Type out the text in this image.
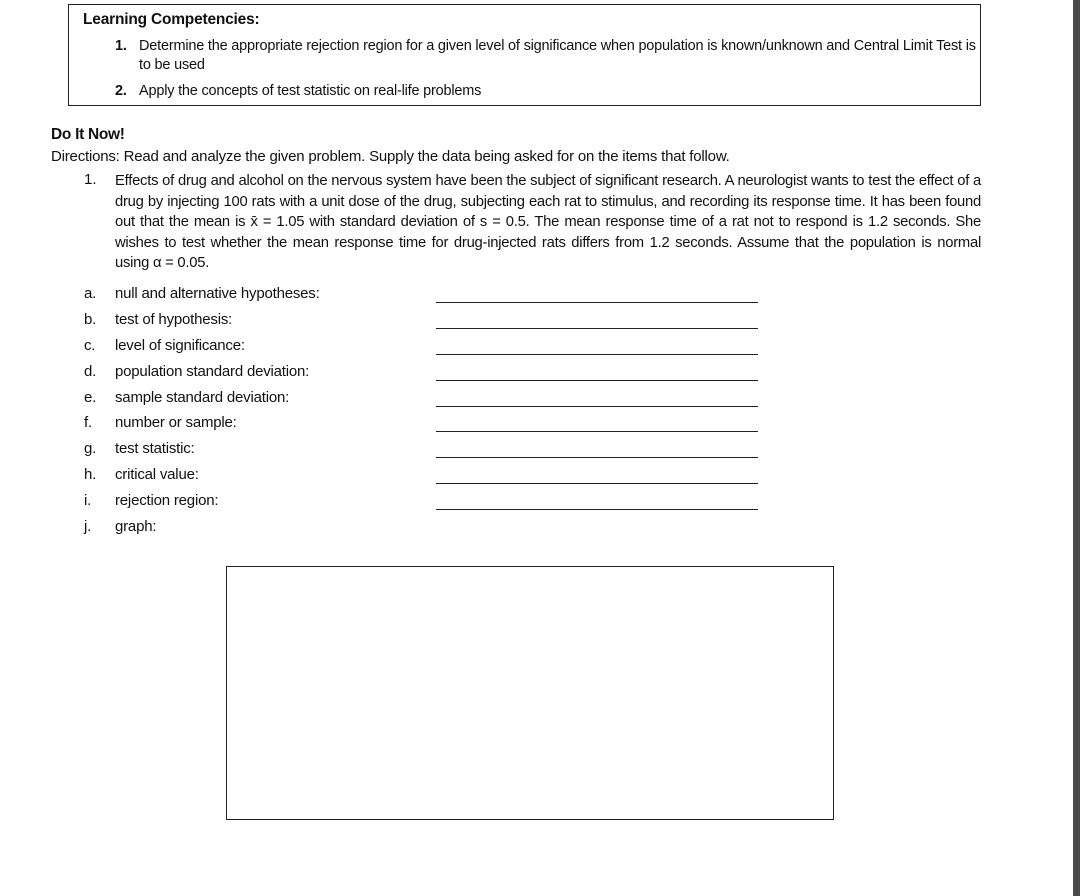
Learning Competencies:
1. Determine the appropriate rejection region for a given level of significance when population is known/unknown and Central Limit Test is to be used
2. Apply the concepts of test statistic on real-life problems
Do It Now!
Directions: Read and analyze the given problem. Supply the data being asked for on the items that follow.
1. Effects of drug and alcohol on the nervous system have been the subject of significant research. A neurologist wants to test the effect of a drug by injecting 100 rats with a unit dose of the drug, subjecting each rat to stimulus, and recording its response time. It has been found out that the mean is x̄ = 1.05 with standard deviation of s = 0.5. The mean response time of a rat not to respond is 1.2 seconds. She wishes to test whether the mean response time for drug-injected rats differs from 1.2 seconds. Assume that the population is normal using α = 0.05.
a. null and alternative hypotheses:
b. test of hypothesis:
c. level of significance:
d. population standard deviation:
e. sample standard deviation:
f. number or sample:
g. test statistic:
h. critical value:
i. rejection region:
j. graph:
